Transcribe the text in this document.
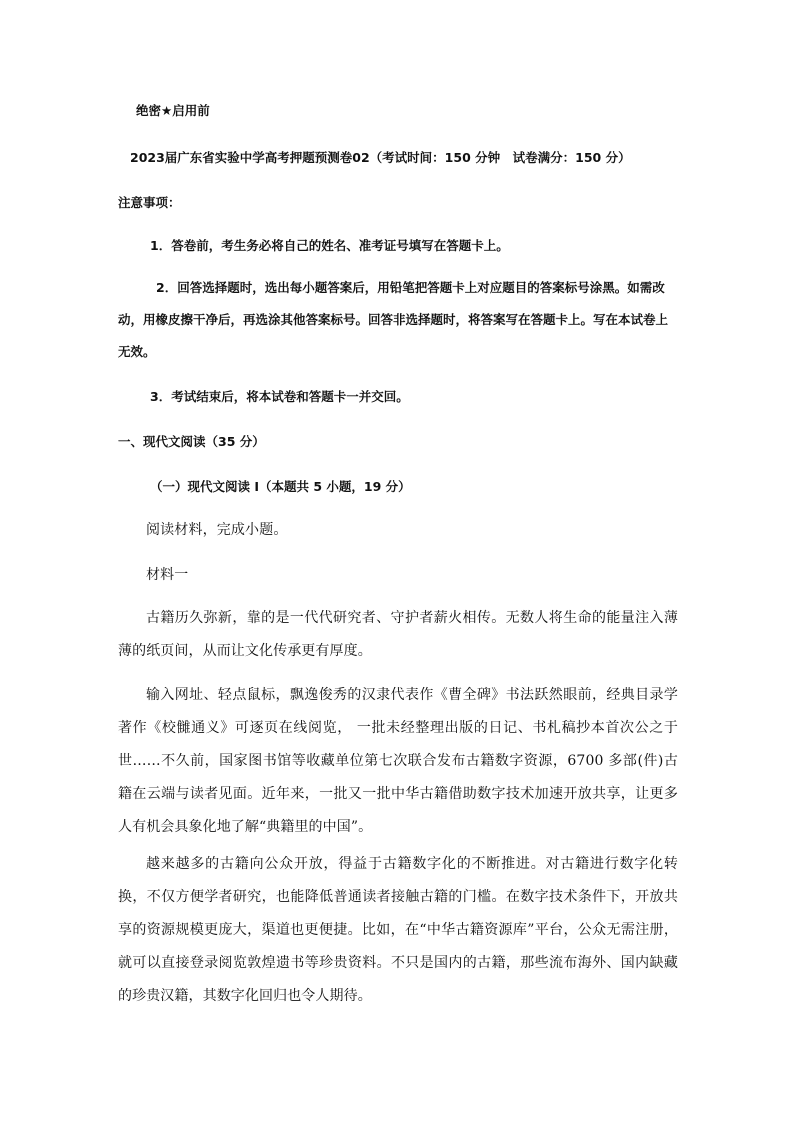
绝密★启用前
2023届广东省实验中学高考押题预测卷02（考试时间：150 分钟　试卷满分：150 分）
注意事项：
1．答卷前，考生务必将自己的姓名、准考证号填写在答题卡上。
2．回答选择题时，选出每小题答案后，用铅笔把答题卡上对应题目的答案标号涂黑。如需改动，用橡皮擦干净后，再选涂其他答案标号。回答非选择题时，将答案写在答题卡上。写在本试卷上无效。
3．考试结束后，将本试卷和答题卡一并交回。
一、现代文阅读（35 分）
（一）现代文阅读 I（本题共 5 小题，19 分）
阅读材料，完成小题。
材料一
古籍历久弥新，靠的是一代代研究者、守护者薪火相传。无数人将生命的能量注入薄薄的纸页间，从而让文化传承更有厚度。
输入网址、轻点鼠标，飘逸俊秀的汉隶代表作《曹全碑》书法跃然眼前，经典目录学著作《校雠通义》可逐页在线阅览， 一批未经整理出版的日记、书札稿抄本首次公之于世……不久前，国家图书馆等收藏单位第七次联合发布古籍数字资源，6700 多部(件)古 籍在云端与读者见面。近年来，一批又一批中华古籍借助数字技术加速开放共享，让更多人有机会具象化地了解“典籍里的中国”。
越来越多的古籍向公众开放，得益于古籍数字化的不断推进。对古籍进行数字化转换，不仅方便学者研究，也能降低普通读者接触古籍的门槛。在数字技术条件下，开放共享的资源规模更庞大，渠道也更便捷。比如，在“中华古籍资源库”平台，公众无需注册，就可以直接登录阅览敦煌遗书等珍贵资料。不只是国内的古籍，那些流布海外、国内缺藏的珍贵汉籍，其数字化回归也令人期待。
